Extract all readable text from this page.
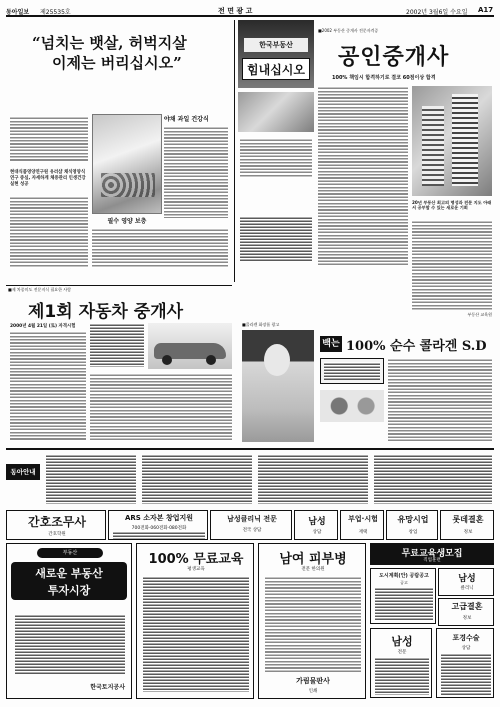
동아일보 제25535호	전 면 광 고	2002년 3월6일 수요일 A17
“넘치는 뱃살, 허벅지살
이제는 버리십시오”
야채 과일 건강식
현대식품영양연구원 유러샵 채식영양식 연구 중심, 자세하게 체중관리 인생건강 실현 성공
필수 영양 보충
한국부동산
힘내십시오
■2002 부동산 중개사 전문자격증
공인중개사
100% 책임시 합격하기로 결코 60점이상 합격
20년 부동산 최고의 명성과 전문 지도 아래서 공부할 수 있는 새로운 기회
부동산 교육원
■제 차종미도 전문지식 필요한 사람
제1회 자동차 중개사
2000년 4월 21일 (토) 자격시험	■콜라겐 화장품 광고
백는 100% 순수 콜라겐 S.D
동아안내
간호조무사
간호학원
ARS 소자본 창업지원
700전화·060전화·080전화
남성클리닉 전문
전국 상담
남성
상담
부업·시험
재택
유망시업
창업
롯데결혼
정보
부동산
새로운 부동산
투자시장
한국토지공사
100% 무료교육
평생교육
남여 피부병
전문 한의원
가림물판사
인쇄
무료교육생모집
직업훈련
도시계획(안) 공람공고
공고	남성
클리닉
고급결혼
정보
남성
전문
포경수술
상담
